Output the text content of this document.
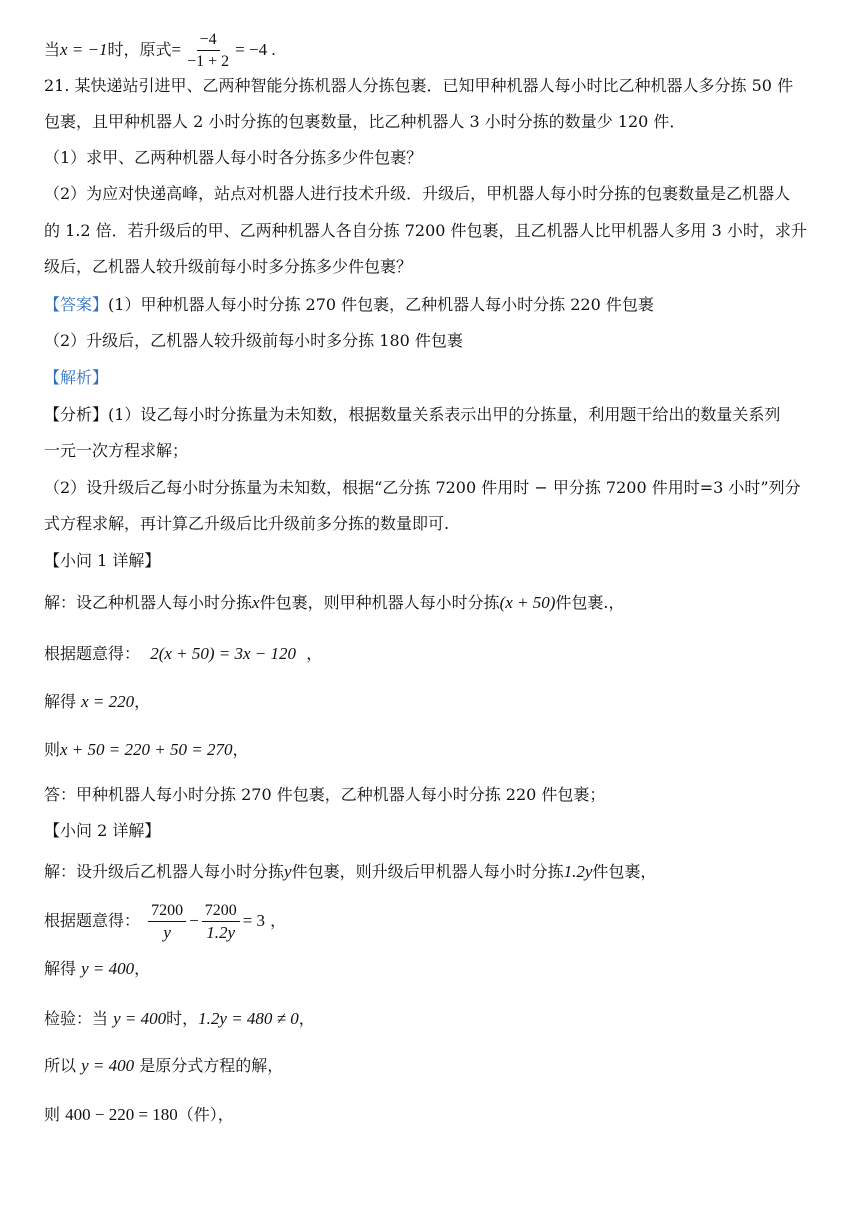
当x = −1时，原式= $\frac{-4}{-1 + 2} = -4$ .
21. 某快递站引进甲、乙两种智能分拣机器人分拣包裹．已知甲种机器人每小时比乙种机器人多分拣 50 件
包裹，且甲种机器人 2 小时分拣的包裹数量，比乙种机器人 3 小时分拣的数量少 120 件．
（1）求甲、乙两种机器人每小时各分拣多少件包裹？
（2）为应对快递高峰，站点对机器人进行技术升级．升级后，甲机器人每小时分拣的包裹数量是乙机器人
的 1.2 倍．若升级后的甲、乙两种机器人各自分拣 7200 件包裹，且乙机器人比甲机器人多用 3 小时，求升
级后，乙机器人较升级前每小时多分拣多少件包裹？
【答案】(1）甲种机器人每小时分拣 270 件包裹，乙种机器人每小时分拣 220 件包裹
（2）升级后，乙机器人较升级前每小时多分拣 180 件包裹
【解析】
【分析】(1）设乙每小时分拣量为未知数，根据数量关系表示出甲的分拣量，利用题干给出的数量关系列
一元一次方程求解；
（2）设升级后乙每小时分拣量为未知数，根据“乙分拣 7200 件用时 − 甲分拣 7200 件用时=3 小时”列分
式方程求解，再计算乙升级后比升级前多分拣的数量即可.
【小问 1 详解】
解：设乙种机器人每小时分拣x件包裹，则甲种机器人每小时分拣(x + 50)件包裹.，
根据题意得： 2(x + 50) = 3x − 120 ，
解得 x = 220，
则x + 50 = 220 + 50 = 270，
答：甲种机器人每小时分拣 270 件包裹，乙种机器人每小时分拣 220 件包裹；
【小问 2 详解】
解：设升级后乙机器人每小时分拣y件包裹，则升级后甲机器人每小时分拣1.2y件包裹，
根据题意得： $\frac{7200}{y} - \frac{7200}{1.2y} = 3$ ，
解得 y = 400，
检验：当 y = 400时，1.2y = 480 ≠ 0，
所以 y = 400 是原分式方程的解，
则 400 − 220 = 180（件），
